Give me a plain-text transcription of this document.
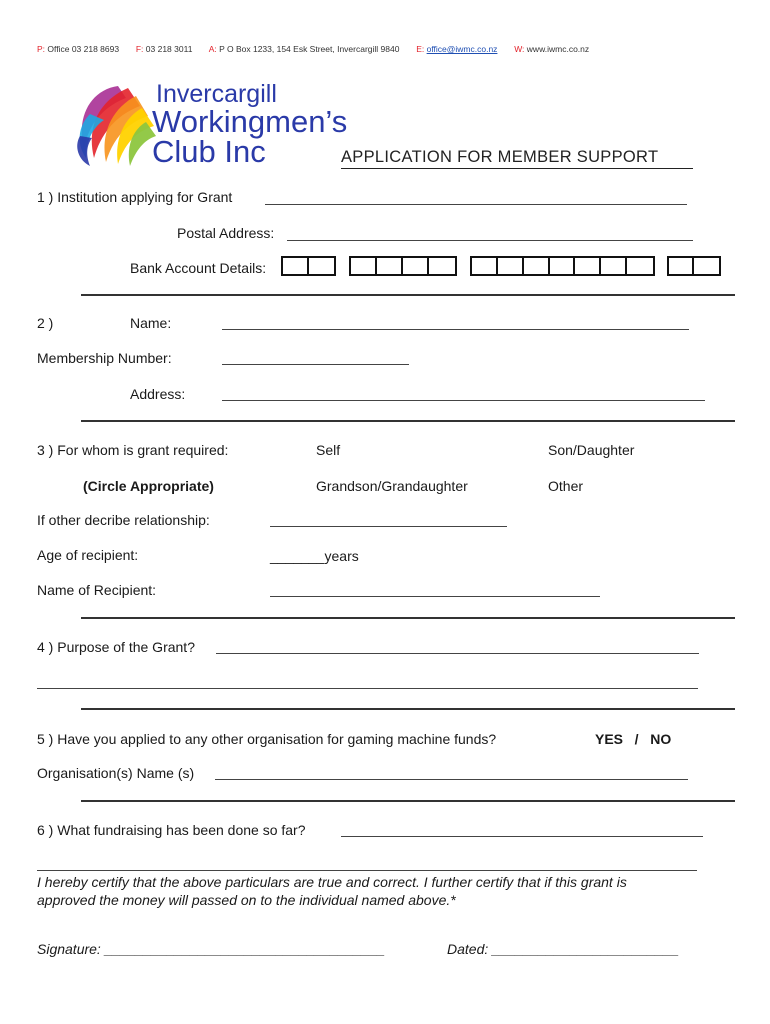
P: Office 03 218 8693 F: 03 218 3011 A: P O Box 1233, 154 Esk Street, Invercargill 9840 E: office@iwmc.co.nz W: www.iwmc.co.nz
Invercargill
Workingmen’s
Club Inc	APPLICATION FOR MEMBER SUPPORT
1 ) Institution applying for Grant
Postal Address:
Bank Account Details:
2 )	Name:
Membership Number:
Address:
3 ) For whom is grant required:	Self	Son/Daughter
(Circle Appropriate)	Grandson/Grandaughter	Other
If other decribe relationship:
Age of recipient:	_______years
Name of Recipient:
4 ) Purpose of the Grant?
5 ) Have you applied to any other organisation for gaming machine funds?	YES   /   NO
Organisation(s) Name (s)
6 ) What fundraising has been done so far?
I hereby certify that the above particulars are true and correct. I further certify that if this grant is
approved the money will passed on to the individual named above.*
Signature: ____________________________________	Dated: ________________________
